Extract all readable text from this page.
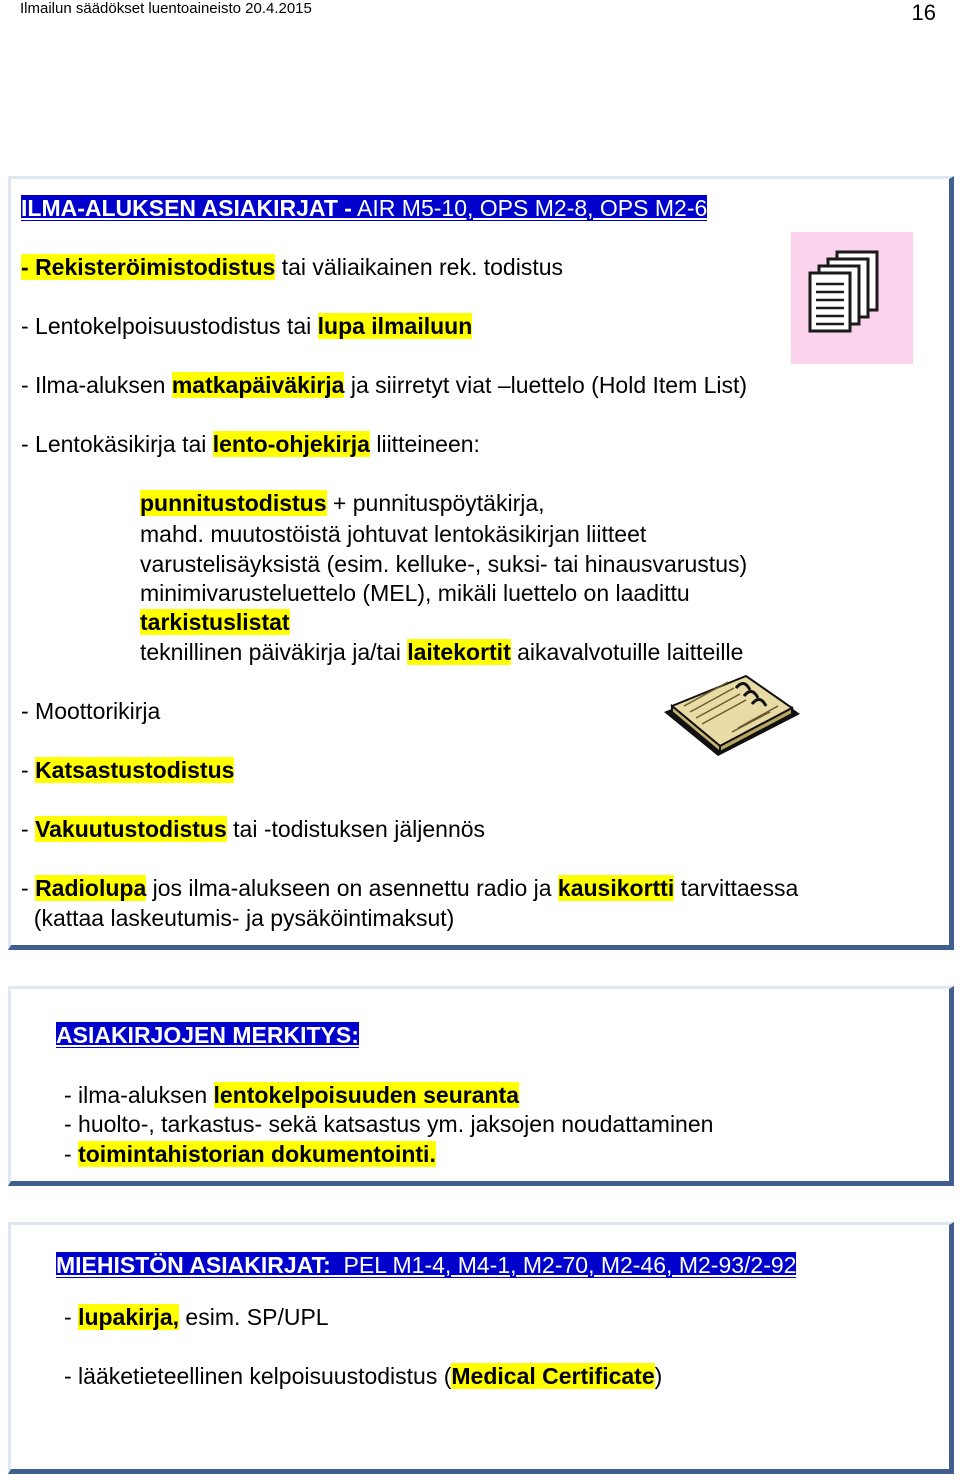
Ilmailun säädökset luentoaineisto 20.4.2015	16
ILMA-ALUKSEN ASIAKIRJAT - AIR M5-10, OPS M2-8, OPS M2-6
- Rekisteröimistodistus tai väliaikainen rek. todistus
- Lentokelpoisuustodistus tai lupa ilmailuun
- Ilma-aluksen matkapäiväkirja ja siirretyt viat –luettelo (Hold Item List)
- Lentokäsikirja tai lento-ohjekirja liitteineen:
punnitustodistus + punnituspöytäkirja,
mahd. muutostöistä johtuvat lentokäsikirjan liitteet
varustelisäyksistä (esim. kelluke-, suksi- tai hinausvarustus)
minimivarusteluettelo (MEL), mikäli luettelo on laadittu
tarkistuslistat
teknillinen päiväkirja ja/tai laitekortit aikavalvotuille laitteille
- Moottorikirja
- Katsastustodistus
- Vakuutustodistus tai -todistuksen jäljennös
- Radiolupa jos ilma-alukseen on asennettu radio ja kausikortti tarvittaessa
(kattaa laskeutumis- ja pysäköintimaksut)
ASIAKIRJOJEN MERKITYS:
- ilma-aluksen lentokelpoisuuden seuranta
- huolto-, tarkastus- sekä katsastus ym. jaksojen noudattaminen
- toimintahistorian dokumentointi.
MIEHISTÖN ASIAKIRJAT:  PEL M1-4, M4-1, M2-70, M2-46, M2-93/2-92
- lupakirja, esim. SP/UPL
- lääketieteellinen kelpoisuustodistus (Medical Certificate)
